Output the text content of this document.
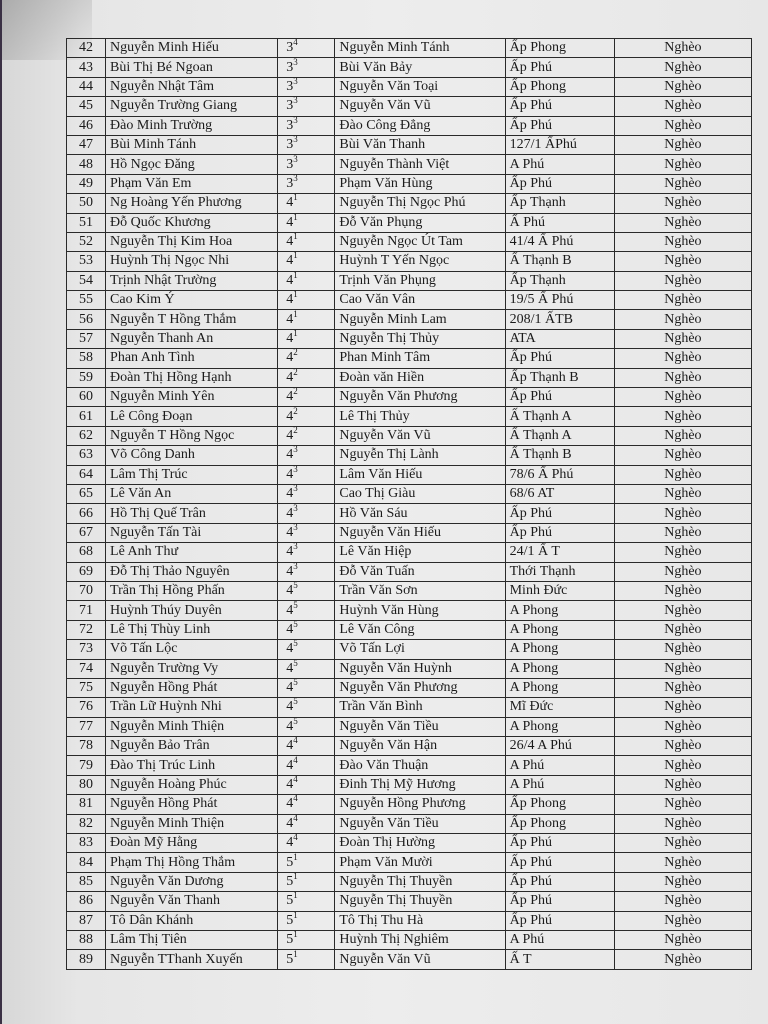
42	Nguyễn Minh Hiếu	$3^4$	Nguyễn Minh Tánh	Ấp Phong	Nghèo
43	Bùi Thị Bé Ngoan	$3^3$	Bùi Văn Bảy	Ấp Phú	Nghèo
44	Nguyễn Nhật Tâm	$3^3$	Nguyễn Văn Toại	Ấp Phong	Nghèo
45	Nguyễn Trường Giang	$3^3$	Nguyễn Văn Vũ	Ấp Phú	Nghèo
46	Đào Minh Trường	$3^3$	Đào Công Đẳng	Ấp Phú	Nghèo
47	Bùi Minh Tánh	$3^3$	Bùi Văn Thanh	127/1 ẤPhú	Nghèo
48	Hồ Ngọc Đăng	$3^3$	Nguyễn Thành Việt	A Phú	Nghèo
49	Phạm Văn Em	$3^3$	Phạm Văn Hùng	Ấp Phú	Nghèo
50	Ng Hoàng Yến Phương	$4^1$	Nguyễn Thị Ngọc Phú	Ấp Thạnh	Nghèo
51	Đỗ Quốc Khương	$4^1$	Đỗ Văn Phụng	Ấ Phú	Nghèo
52	Nguyễn Thị Kim Hoa	$4^1$	Nguyễn Ngọc Út Tam	41/4 Ấ Phú	Nghèo
53	Huỳnh Thị Ngọc Nhi	$4^1$	Huỳnh T Yến Ngọc	Ấ Thạnh B	Nghèo
54	Trịnh Nhật Trường	$4^1$	Trịnh Văn Phụng	Ấp Thạnh	Nghèo
55	Cao Kim Ý	$4^1$	Cao Văn Vân	19/5 Ấ Phú	Nghèo
56	Nguyễn T Hồng Thắm	$4^1$	Nguyễn Minh Lam	208/1 ẤTB	Nghèo
57	Nguyễn Thanh An	$4^1$	Nguyễn Thị Thủy	ATA	Nghèo
58	Phan Anh Tình	$4^2$	Phan Minh Tâm	Ấp Phú	Nghèo
59	Đoàn Thị Hồng Hạnh	$4^2$	Đoàn văn Hiền	Ấp Thạnh B	Nghèo
60	Nguyễn Minh Yên	$4^2$	Nguyễn Văn Phương	Ấp Phú	Nghèo
61	Lê Công Đoạn	$4^2$	Lê Thị Thủy	Ấ Thạnh A	Nghèo
62	Nguyễn T Hồng Ngọc	$4^2$	Nguyễn Văn Vũ	Ấ Thạnh A	Nghèo
63	Võ Công Danh	$4^3$	Nguyễn Thị Lành	Ấ Thạnh B	Nghèo
64	Lâm Thị Trúc	$4^3$	Lâm Văn Hiếu	78/6 Ấ Phú	Nghèo
65	Lê Văn An	$4^3$	Cao Thị Giàu	68/6 AT	Nghèo
66	Hồ Thị Quế Trân	$4^3$	Hồ Văn Sáu	Ấp Phú	Nghèo
67	Nguyễn Tấn Tài	$4^3$	Nguyễn Văn Hiếu	Ấp Phú	Nghèo
68	Lê Anh Thư	$4^3$	Lê Văn Hiệp	24/1 Ấ T	Nghèo
69	Đỗ Thị Thảo Nguyên	$4^3$	Đỗ Văn Tuấn	Thới Thạnh	Nghèo
70	Trần Thị Hồng Phấn	$4^5$	Trần Văn Sơn	Minh Đức	Nghèo
71	Huỳnh Thúy Duyên	$4^5$	Huỳnh Văn Hùng	A Phong	Nghèo
72	Lê Thị Thùy Linh	$4^5$	Lê Văn Công	A Phong	Nghèo
73	Võ Tấn Lộc	$4^5$	Võ Tấn Lợi	A Phong	Nghèo
74	Nguyễn Trường Vy	$4^5$	Nguyễn Văn Huỳnh	A Phong	Nghèo
75	Nguyễn Hồng Phát	$4^5$	Nguyễn Văn Phương	A Phong	Nghèo
76	Trần Lữ Huỳnh Nhi	$4^5$	Trần Văn Bình	Mĩ Đức	Nghèo
77	Nguyễn Minh Thiện	$4^5$	Nguyễn Văn Tiều	A Phong	Nghèo
78	Nguyễn Bảo Trân	$4^4$	Nguyễn Văn Hận	26/4 A Phú	Nghèo
79	Đào Thị Trúc Linh	$4^4$	Đào Văn Thuận	A Phú	Nghèo
80	Nguyễn Hoàng Phúc	$4^4$	Đinh Thị Mỹ Hương	A Phú	Nghèo
81	Nguyễn Hồng Phát	$4^4$	Nguyễn Hồng Phương	Ấp Phong	Nghèo
82	Nguyễn Minh Thiện	$4^4$	Nguyễn Văn Tiều	Ấp Phong	Nghèo
83	Đoàn Mỹ Hằng	$4^4$	Đoàn Thị Hường	Ấp Phú	Nghèo
84	Phạm Thị Hồng Thắm	$5^1$	Phạm Văn Mười	Ấp Phú	Nghèo
85	Nguyễn Văn Dương	$5^1$	Nguyễn Thị Thuyền	Ấp Phú	Nghèo
86	Nguyễn Văn Thanh	$5^1$	Nguyễn Thị Thuyền	Ấp Phú	Nghèo
87	Tô Dân Khánh	$5^1$	Tô Thị Thu Hà	Ấp Phú	Nghèo
88	Lâm Thị Tiên	$5^1$	Huỳnh Thị Nghiêm	A Phú	Nghèo
89	Nguyễn TThanh Xuyến	$5^1$	Nguyễn Văn Vũ	Ấ T	Nghèo
